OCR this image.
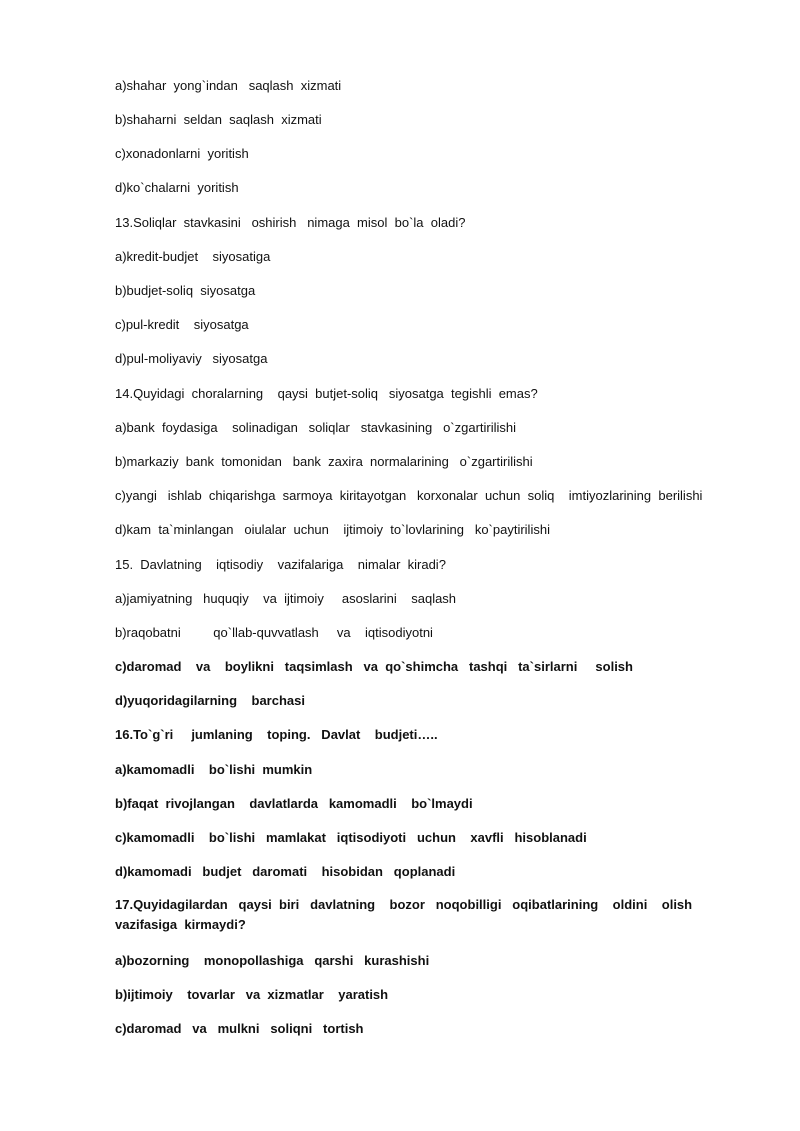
a)shahar  yong`indan   saqlash  xizmati

b)shaharni  seldan  saqlash  xizmati

c)xonadonlarni  yoritish

d)ko`chalarni  yoritish

13.Soliqlar  stavkasini   oshirish   nimaga  misol  bo`la  oladi?

a)kredit-budjet    siyosatiga

b)budjet-soliq  siyosatga

c)pul-kredit    siyosatga

d)pul-moliyaviy   siyosatga

14.Quyidagi  choralarning    qaysi  butjet-soliq   siyosatga  tegishli  emas?

a)bank  foydasiga    solinadigan   soliqlar   stavkasining   o`zgartirilishi

b)markaziy  bank  tomonidan   bank  zaxira  normalarining   o`zgartirilishi

c)yangi   ishlab  chiqarishga  sarmoya  kiritayotgan   korxonalar  uchun  soliq    imtiyozlarining  berilishi

d)kam  ta`minlangan   oiulalar  uchun    ijtimoiy  to`lovlarining   ko`paytirilishi

15.  Davlatning    iqtisodiy    vazifalariga    nimalar  kiradi?

a)jamiyatning   huquqiy    va  ijtimoiy     asoslarini    saqlash

b)raqobatni         qo`llab-quvvatlash     va    iqtisodiyotni

c)daromad    va    boylikni   taqsimlash   va  qo`shimcha   tashqi   ta`sirlarni     solish

d)yuqoridagilarning    barchasi

16.To`g`ri     jumlaning    toping.   Davlat    budjeti…..

a)kamomadli    bo`lishi  mumkin

b)faqat  rivojlangan    davlatlarda   kamomadli    bo`lmaydi

c)kamomadli    bo`lishi   mamlakat   iqtisodiyoti   uchun    xavfli   hisoblanadi

d)kamomadi   budjet   daromati    hisobidan   qoplanadi

17.Quyidagilardan   qaysi  biri   davlatning    bozor   noqobilligi   oqibatlarining    oldini    olish   vazifasiga  kirmaydi?

a)bozorning    monopollashiga   qarshi   kurashishi

b)ijtimoiy    tovarlar   va  xizmatlar    yaratish

c)daromad   va   mulkni   soliqni   tortish
